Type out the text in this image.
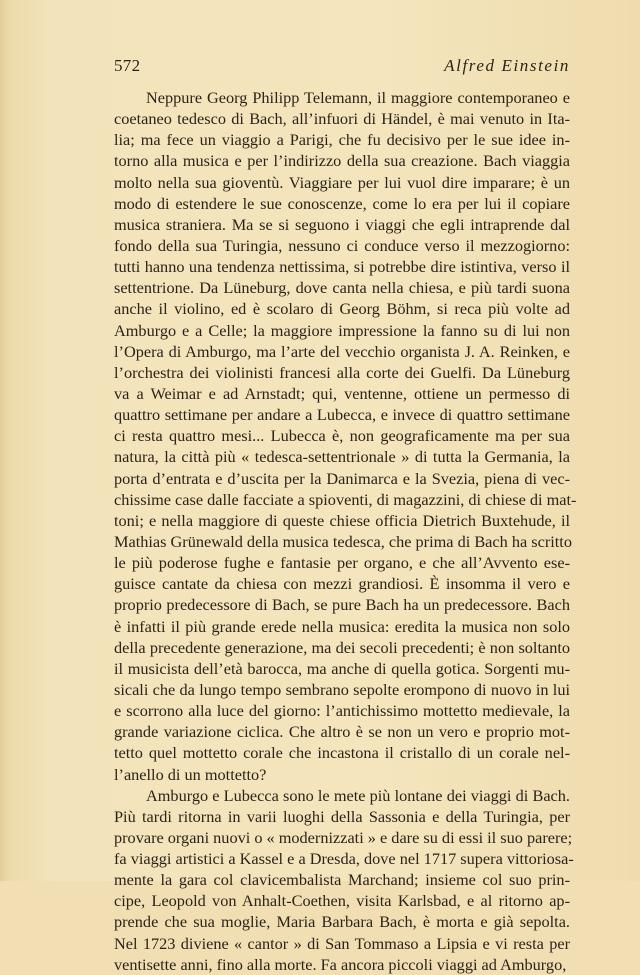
572	Alfred Einstein
Neppure Georg Philipp Telemann, il maggiore contemporaneo e
coetaneo tedesco di Bach, all’infuori di Händel, è mai venuto in Ita-
lia; ma fece un viaggio a Parigi, che fu decisivo per le sue idee in-
torno alla musica e per l’indirizzo della sua creazione. Bach viaggia
molto nella sua gioventù. Viaggiare per lui vuol dire imparare; è un
modo di estendere le sue conoscenze, come lo era per lui il copiare
musica straniera. Ma se si seguono i viaggi che egli intraprende dal
fondo della sua Turingia, nessuno ci conduce verso il mezzogiorno:
tutti hanno una tendenza nettissima, si potrebbe dire istintiva, verso il
settentrione. Da Lüneburg, dove canta nella chiesa, e più tardi suona
anche il violino, ed è scolaro di Georg Böhm, si reca più volte ad
Amburgo e a Celle; la maggiore impressione la fanno su di lui non
l’Opera di Amburgo, ma l’arte del vecchio organista J. A. Reinken, e
l’orchestra dei violinisti francesi alla corte dei Guelfi. Da Lüneburg
va a Weimar e ad Arnstadt; qui, ventenne, ottiene un permesso di
quattro settimane per andare a Lubecca, e invece di quattro settimane
ci resta quattro mesi... Lubecca è, non geograficamente ma per sua
natura, la città più « tedesca-settentrionale » di tutta la Germania, la
porta d’entrata e d’uscita per la Danimarca e la Svezia, piena di vec-
chissime case dalle facciate a spioventi, di magazzini, di chiese di mat-
toni; e nella maggiore di queste chiese officia Dietrich Buxtehude, il
Mathias Grünewald della musica tedesca, che prima di Bach ha scritto
le più poderose fughe e fantasie per organo, e che all’Avvento ese-
guisce cantate da chiesa con mezzi grandiosi. È insomma il vero e
proprio predecessore di Bach, se pure Bach ha un predecessore. Bach
è infatti il più grande erede nella musica: eredita la musica non solo
della precedente generazione, ma dei secoli precedenti; è non soltanto
il musicista dell’età barocca, ma anche di quella gotica. Sorgenti mu-
sicali che da lungo tempo sembrano sepolte erompono di nuovo in lui
e scorrono alla luce del giorno: l’antichissimo mottetto medievale, la
grande variazione ciclica. Che altro è se non un vero e proprio mot-
tetto quel mottetto corale che incastona il cristallo di un corale nel-
l’anello di un mottetto?
Amburgo e Lubecca sono le mete più lontane dei viaggi di Bach.
Più tardi ritorna in varii luoghi della Sassonia e della Turingia, per
provare organi nuovi o « modernizzati » e dare su di essi il suo parere;
fa viaggi artistici a Kassel e a Dresda, dove nel 1717 supera vittoriosa-
mente la gara col clavicembalista Marchand; insieme col suo prin-
cipe, Leopold von Anhalt-Coethen, visita Karlsbad, e al ritorno ap-
prende che sua moglie, Maria Barbara Bach, è morta e già sepolta.
Nel 1723 diviene « cantor » di San Tommaso a Lipsia e vi resta per
ventisette anni, fino alla morte. Fa ancora piccoli viaggi ad Amburgo,
